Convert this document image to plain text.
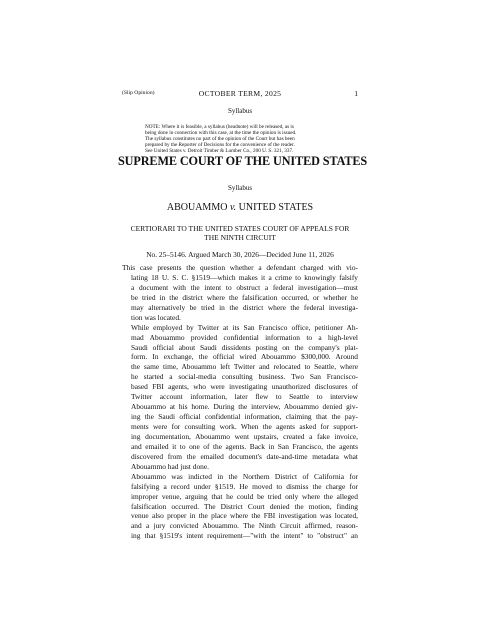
(Slip Opinion)	OCTOBER TERM, 2025	1
Syllabus
NOTE: Where it is feasible, a syllabus (headnote) will be released, as is
being done in connection with this case, at the time the opinion is issued.
The syllabus constitutes no part of the opinion of the Court but has been
prepared by the Reporter of Decisions for the convenience of the reader.
See United States v. Detroit Timber & Lumber Co., 200 U. S. 321, 337.
SUPREME COURT OF THE UNITED STATES
Syllabus
ABOUAMMO v. UNITED STATES
CERTIORARI TO THE UNITED STATES COURT OF APPEALS FOR
THE NINTH CIRCUIT
No. 25–5146. Argued March 30, 2026—Decided June 11, 2026
This case presents the question whether a defendant charged with vio-
lating 18 U. S. C. §1519—which makes it a crime to knowingly falsify
a document with the intent to obstruct a federal investigation—must
be tried in the district where the falsification occurred, or whether he
may alternatively be tried in the district where the federal investiga-
tion was located.
While employed by Twitter at its San Francisco office, petitioner Ah-
mad Abouammo provided confidential information to a high-level
Saudi official about Saudi dissidents posting on the company's plat-
form. In exchange, the official wired Abouammo $300,000. Around
the same time, Abouammo left Twitter and relocated to Seattle, where
he started a social-media consulting business. Two San Francisco-
based FBI agents, who were investigating unauthorized disclosures of
Twitter account information, later flew to Seattle to interview
Abouammo at his home. During the interview, Abouammo denied giv-
ing the Saudi official confidential information, claiming that the pay-
ments were for consulting work. When the agents asked for support-
ing documentation, Abouammo went upstairs, created a fake invoice,
and emailed it to one of the agents. Back in San Francisco, the agents
discovered from the emailed document's date-and-time metadata what
Abouammo had just done.
Abouammo was indicted in the Northern District of California for
falsifying a record under §1519. He moved to dismiss the charge for
improper venue, arguing that he could be tried only where the alleged
falsification occurred. The District Court denied the motion, finding
venue also proper in the place where the FBI investigation was located,
and a jury convicted Abouammo. The Ninth Circuit affirmed, reason-
ing that §1519's intent requirement—"with the intent" to "obstruct" an
